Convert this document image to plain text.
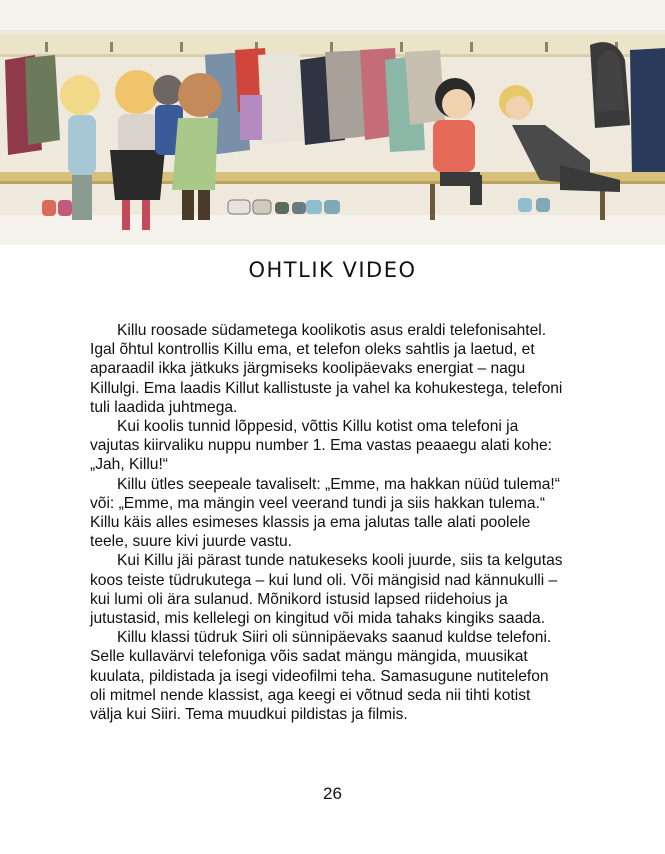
OHTLIK VIDEO

Killu roosade südametega koolikotis asus eraldi telefonisahtel. Igal õhtul kontrollis Killu ema, et telefon oleks sahtlis ja laetud, et aparaadil ikka jätkuks järgmiseks koolipäevaks energiat – nagu Killulgi. Ema laadis Killut kallistuste ja vahel ka kohukestega, telefoni tuli laadida juhtmega.

Kui koolis tunnid lõppesid, võttis Killu kotist oma telefoni ja vajutas kiirvaliku nuppu number 1. Ema vastas peaaegu alati kohe: „Jah, Killu!“

Killu ütles seepeale tavaliselt: „Emme, ma hakkan nüüd tulema!“ või: „Emme, ma mängin veel veerand tundi ja siis hakkan tulema.“ Killu käis alles esimeses klassis ja ema jalutas talle alati poolele teele, suure kivi juurde vastu.

Kui Killu jäi pärast tunde natukeseks kooli juurde, siis ta kelgutas koos teiste tüdrukutega – kui lund oli. Või mängisid nad kännukulli – kui lumi oli ära sulanud. Mõnikord istusid lapsed riidehoius ja jutustasid, mis kellelegi on kingitud või mida tahaks kingiks saada.

Killu klassi tüdruk Siiri oli sünnipäevaks saanud kuldse telefoni. Selle kullavärvi telefoniga võis sadat mängu mängida, muusikat kuulata, pildistada ja isegi videofilmi teha. Samasugune nutitelefon oli mitmel nende klassist, aga keegi ei võtnud seda nii tihti kotist välja kui Siiri. Tema muudkui pildistas ja filmis.

26
